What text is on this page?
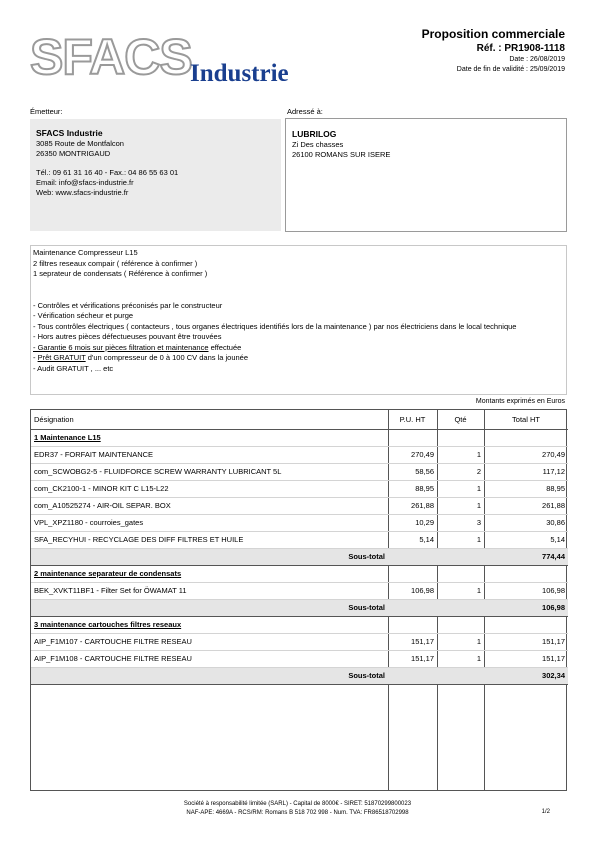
SFACS
Industrie
Proposition commerciale
Réf. : PR1908-1118
Date : 26/08/2019
Date de fin de validité : 25/09/2019
Émetteur:	Adressé à:
SFACS Industrie
3085 Route de Montfalcon
26350 MONTRIGAUD
Tél.: 09 61 31 16 40 - Fax.: 04 86 55 63 01
Email: info@sfacs-industrie.fr
Web: www.sfacs-industrie.fr
LUBRILOG
Zi Des chasses
26100 ROMANS SUR ISERE
Maintenance Compresseur L15
2 filtres reseaux compair ( référence à confirmer )
1 seprateur de condensats ( Référence à confirmer )
- Contrôles et vérifications préconisés par le constructeur
- Vérification sécheur et purge
- Tous contrôles électriques ( contacteurs , tous organes électriques identifiés lors de la maintenance ) par nos électriciens dans le local technique
- Hors autres pièces défectueuses pouvant être trouvées
- Garantie 6 mois sur pièces filtration et maintenance effectuée
- Prêt GRATUIT d'un compresseur de 0 à 100 CV dans la jounée
- Audit GRATUIT , ... etc
Montants exprimés en Euros
Désignation	P.U. HT	Qté	Total HT
1 Maintenance L15			
EDR37 - FORFAIT MAINTENANCE	270,49	1	270,49
com_SCWOBG2-5 - FLUIDFORCE SCREW WARRANTY LUBRICANT 5L	58,56	2	117,12
com_CK2100-1 - MINOR KIT C L15-L22	88,95	1	88,95
com_A10525274 - AIR-OIL SEPAR. BOX	261,88	1	261,88
VPL_XPZ1180 - courroies_gates	10,29	3	30,86
SFA_RECYHUI - RECYCLAGE DES DIFF FILTRES ET HUILE	5,14	1	5,14
Sous-total			774,44
2 maintenance separateur de condensats			
BEK_XVKT11BF1 - Filter Set for ÖWAMAT 11	106,98	1	106,98
Sous-total			106,98
3 maintenance cartouches filtres reseaux			
AIP_F1M107 - CARTOUCHE FILTRE RESEAU	151,17	1	151,17
AIP_F1M108 - CARTOUCHE FILTRE RESEAU	151,17	1	151,17
Sous-total			302,34
Société à responsabilité limitée (SARL) - Capital de 8000€ - SIRET: 51870299800023
NAF-APE: 4669A - RCS/RM: Romans B 518 702 998 - Num. TVA: FR86518702998	1/2
